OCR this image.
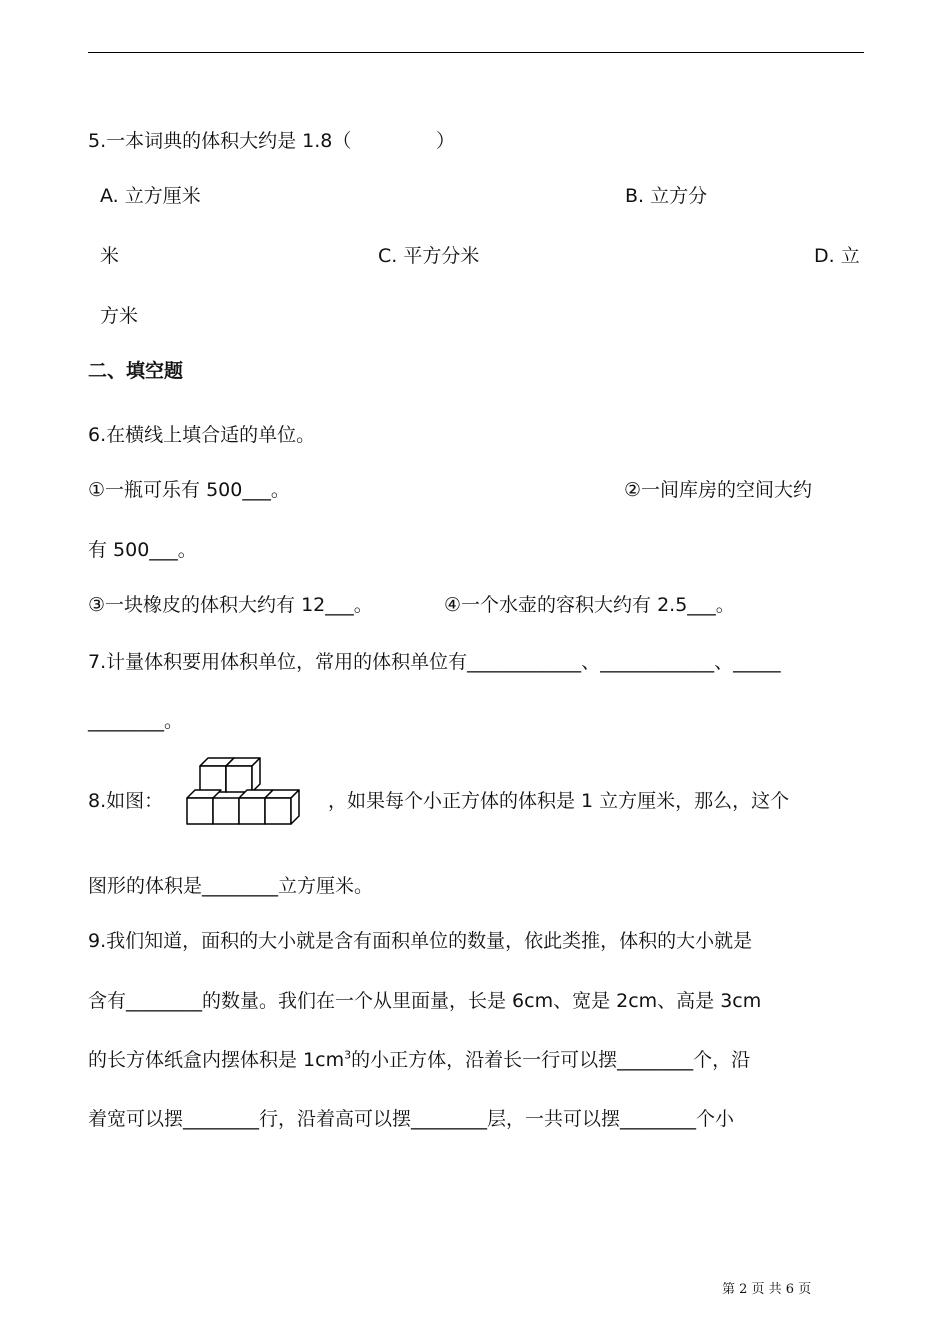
5.一本词典的体积大约是 1.8（              ）
A. 立方厘米	B. 立方分
米	C. 平方分米	D. 立
方米
二、填空题
6.在横线上填合适的单位。
①一瓶可乐有 500___。	②一间库房的空间大约
有 500___。
③一块橡皮的体积大约有 12___。	④一个水壶的容积大约有 2.5___。
7.计量体积要用体积单位，常用的体积单位有____________、____________、_____
________。
8.如图：	，如果每个小正方体的体积是 1 立方厘米，那么，这个
图形的体积是________立方厘米。
9.我们知道，面积的大小就是含有面积单位的数量，依此类推，体积的大小就是
含有________的数量。我们在一个从里面量，长是 6cm、宽是 2cm、高是 3cm
的长方体纸盒内摆体积是 $1cm^3$的小正方体，沿着长一行可以摆________个，沿
着宽可以摆________行，沿着高可以摆________层，一共可以摆________个小
第 2 页 共 6 页
